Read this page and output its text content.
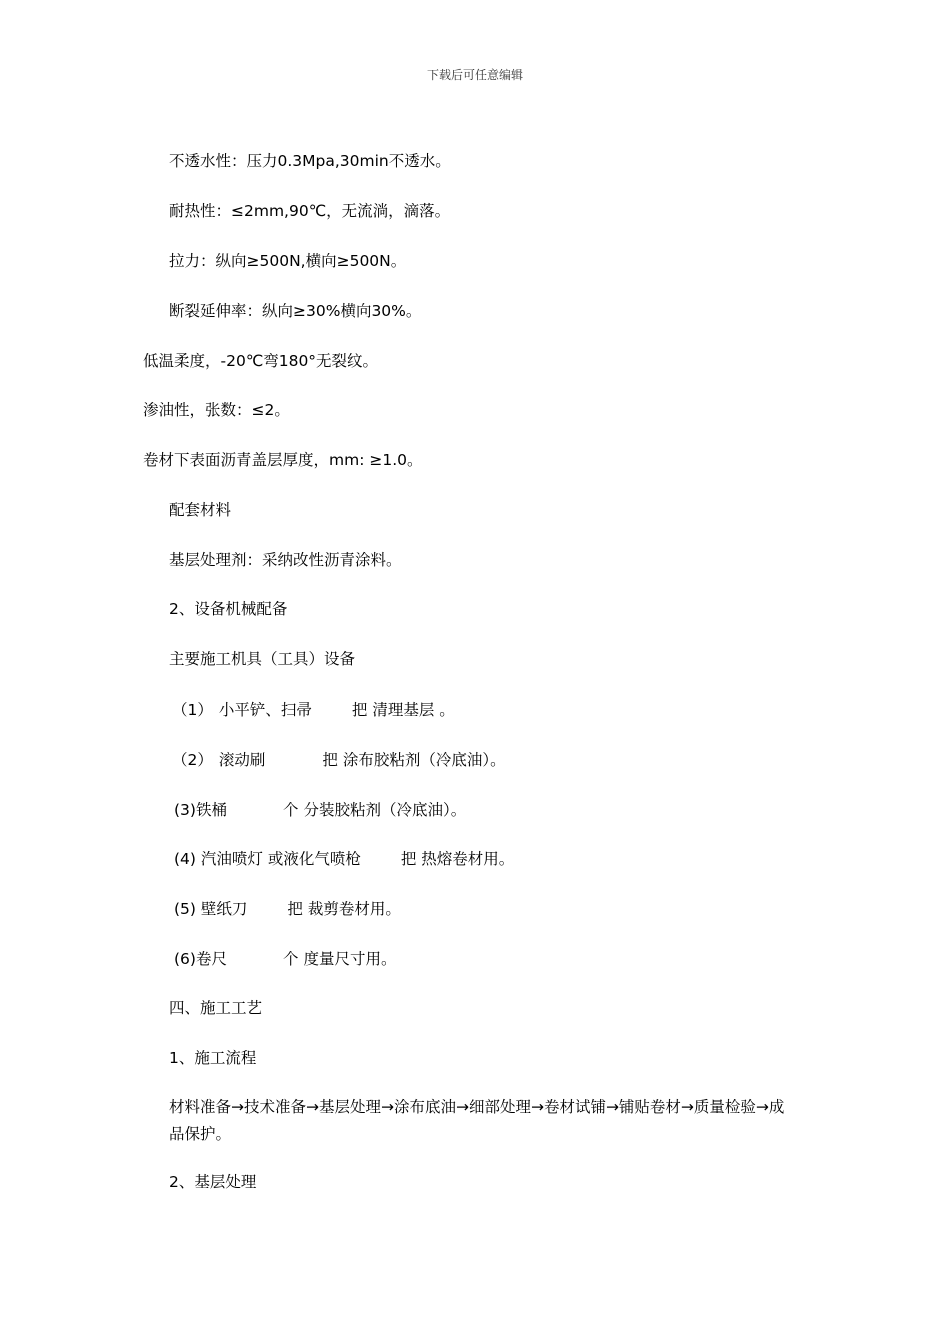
下载后可任意编辑
不透水性：压力0.3Mpa,30min不透水。
耐热性：≤2mm,90℃，无流淌，滴落。
拉力：纵向≥500N,横向≥500N。
断裂延伸率：纵向≥30%横向30%。
低温柔度，-20℃弯180°无裂纹。
渗油性，张数：≤2。
卷材下表面沥青盖层厚度，mm: ≥1.0。
配套材料
基层处理剂：采纳改性沥青涂料。
2、设备机械配备
主要施工机具（工具）设备
（1） 小平铲、扫帚	把 清理基层 。
（2） 滚动刷	把 涂布胶粘剂（冷底油）。
(3)铁桶	个 分装胶粘剂（冷底油）。
(4) 汽油喷灯 或液化气喷枪	把 热熔卷材用。
(5) 壁纸刀	把 裁剪卷材用。
(6)卷尺	个 度量尺寸用。
四、施工工艺
1、施工流程
材料准备→技术准备→基层处理→涂布底油→细部处理→卷材试铺→铺贴卷材→质量检验→成品保护。
2、基层处理
